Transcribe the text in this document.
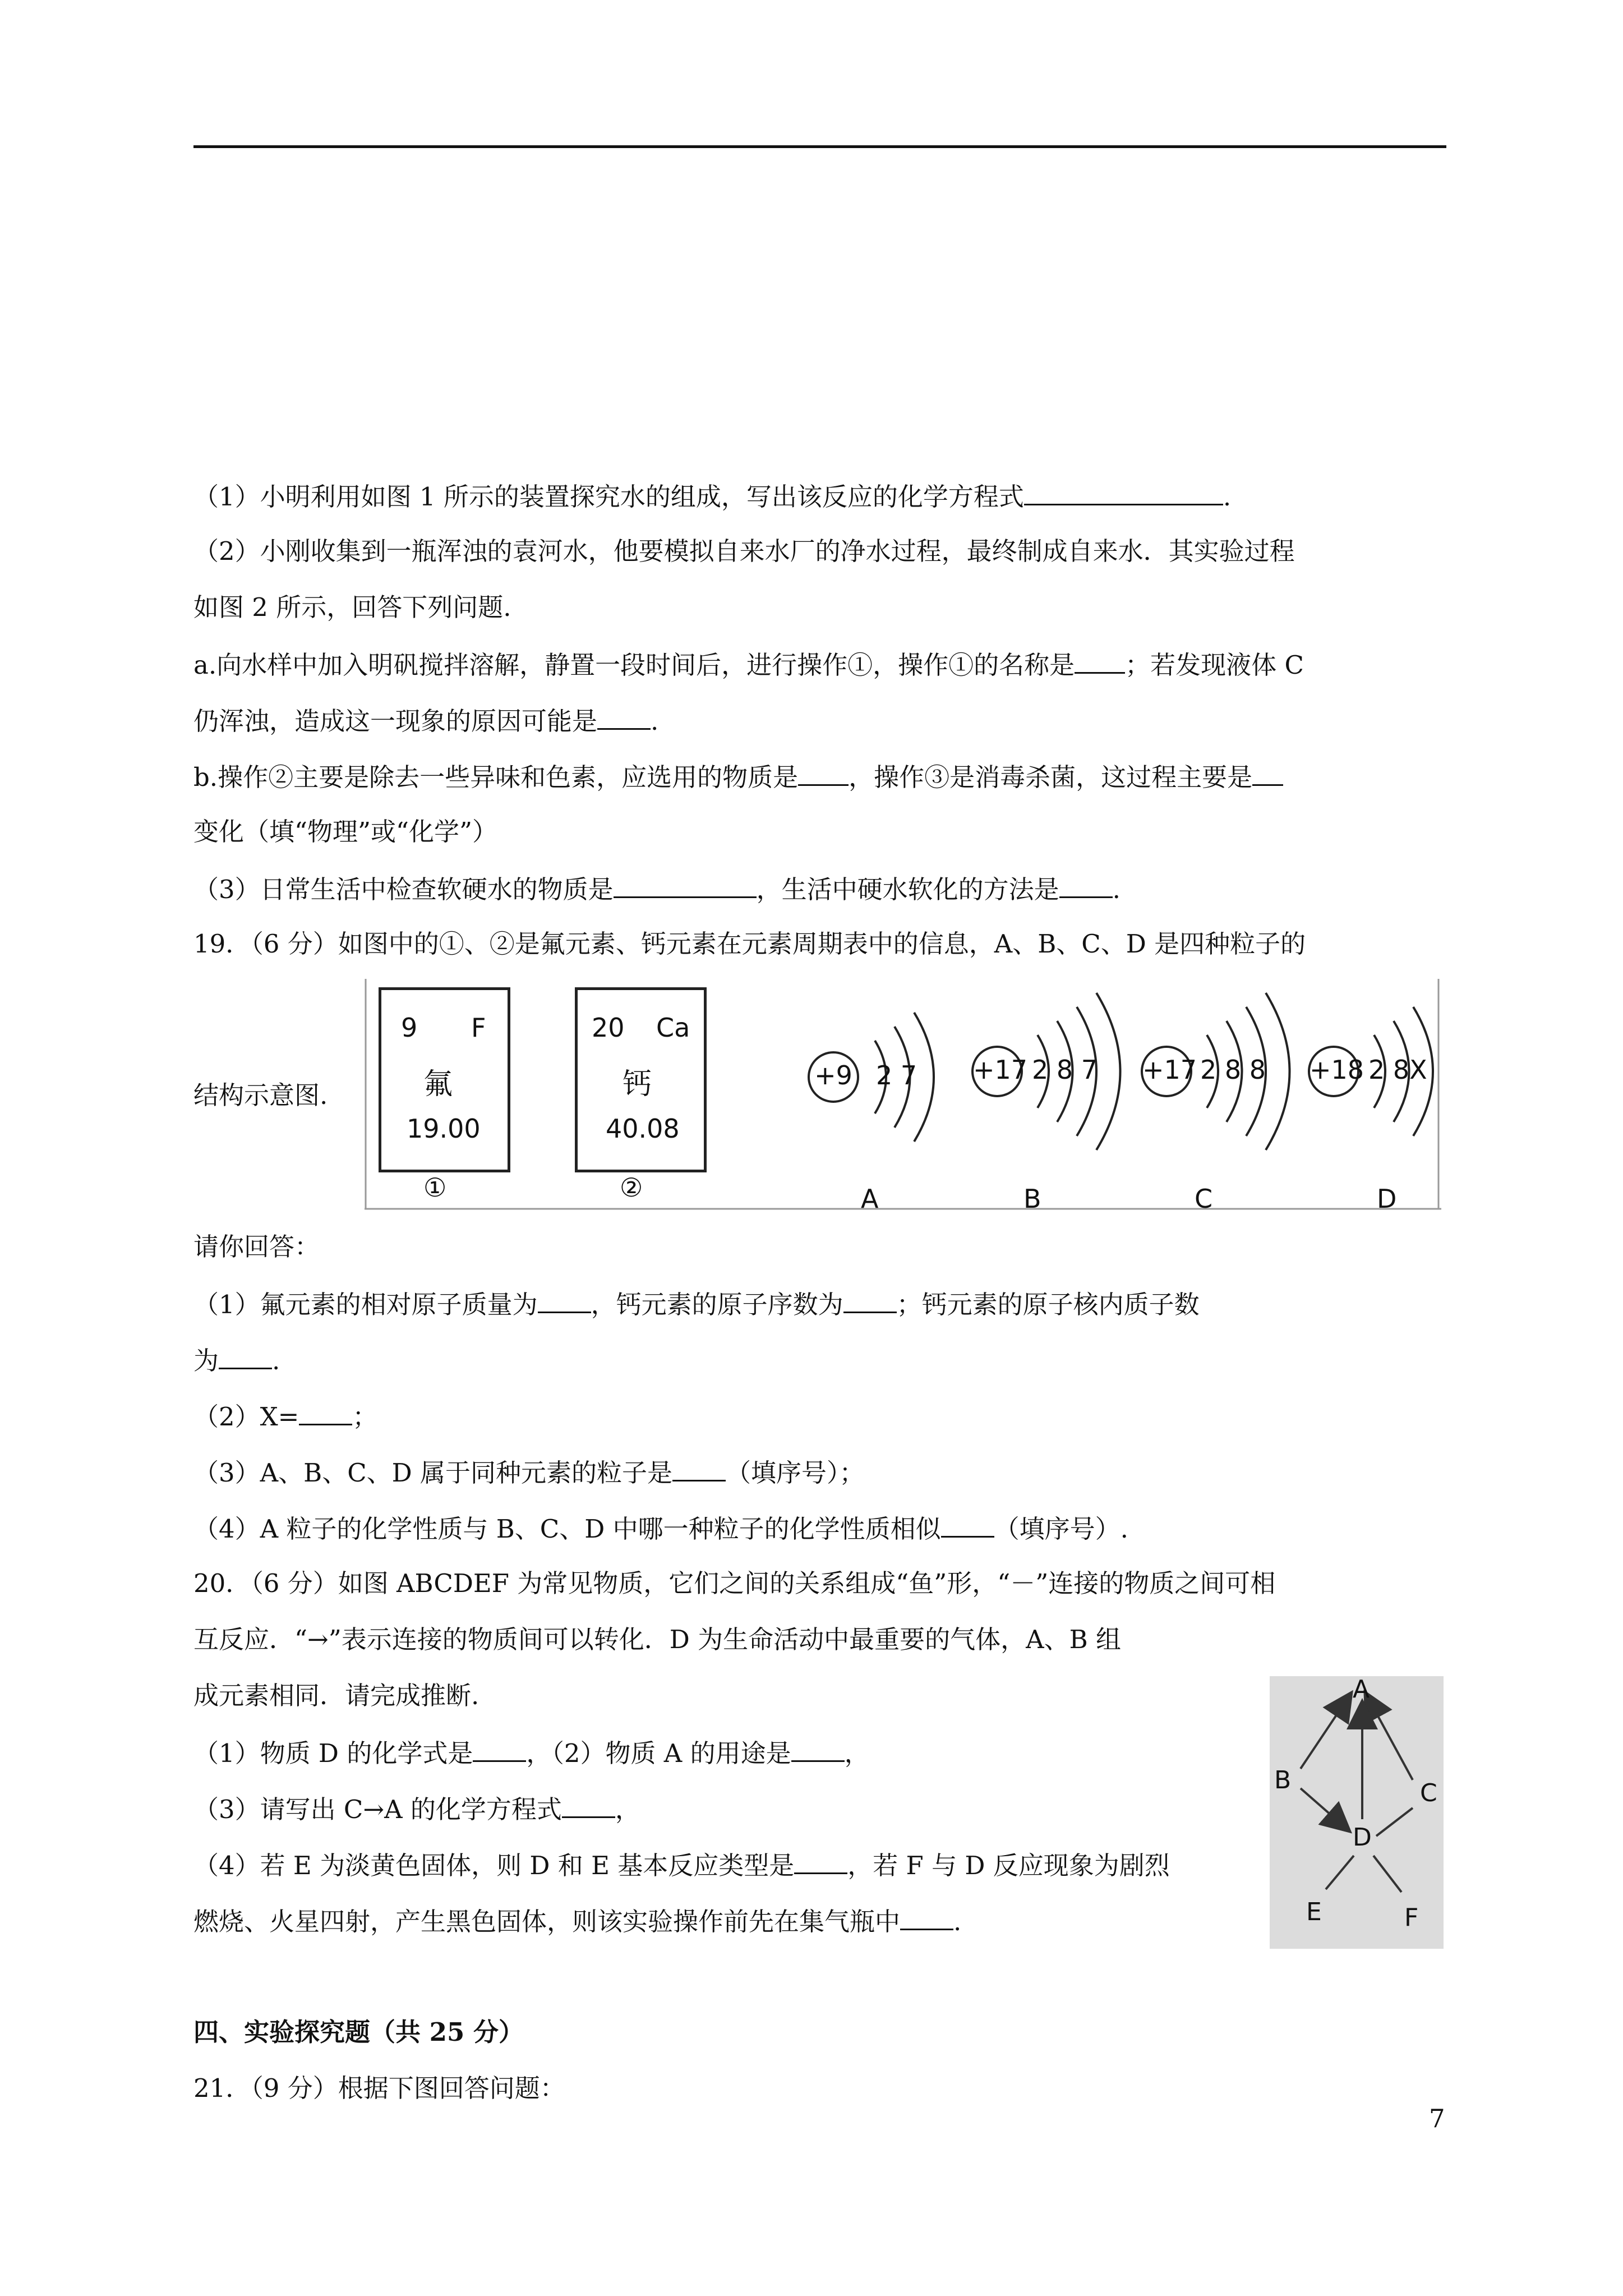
（1）小明利用如图 1 所示的装置探究水的组成，写出该反应的化学方程式	.
（2）小刚收集到一瓶浑浊的袁河水，他要模拟自来水厂的净水过程，最终制成自来水．其实验过程
如图 2 所示，回答下列问题.
a.向水样中加入明矾搅拌溶解，静置一段时间后，进行操作①，操作①的名称是 ；若发现液体 C
仍浑浊，造成这一现象的原因可能是 .
b.操作②主要是除去一些异味和色素，应选用的物质是 ，操作③是消毒杀菌，这过程主要是
变化（填“物理”或“化学”）
（3）日常生活中检查软硬水的物质是	，生活中硬水软化的方法是 .
19．（6 分）如图中的①、②是氟元素、钙元素在元素周期表中的信息，A、B、C、D 是四种粒子的
结构示意图.
9 F
氟
19.00
①
20 Ca
钙
40.08
②
+9 2 7
A
+17 2 8 7
B
+17 2 8 8
C
+18 2 8X
D
请你回答：
（1）氟元素的相对原子质量为 ，钙元素的原子序数为 ；钙元素的原子核内质子数
为 .
（2）X= ；
（3）A、B、C、D 属于同种元素的粒子是 （填序号）；
（4）A 粒子的化学性质与 B、C、D 中哪一种粒子的化学性质相似 （填序号）.
20．（6 分）如图 ABCDEF 为常见物质，它们之间的关系组成“鱼”形，“－”连接的物质之间可相
互反应．“→”表示连接的物质间可以转化．D 为生命活动中最重要的气体，A、B 组
成元素相同．请完成推断.
（1）物质 D 的化学式是 ，（2）物质 A 的用途是 ，
（3）请写出 C→A 的化学方程式 ，
（4）若 E 为淡黄色固体，则 D 和 E 基本反应类型是 ，若 F 与 D 反应现象为剧烈
燃烧、火星四射，产生黑色固体，则该实验操作前先在集气瓶中 .
A
B	C
D
E	F
四、实验探究题（共 25 分）
21．（9 分）根据下图回答问题：
7
